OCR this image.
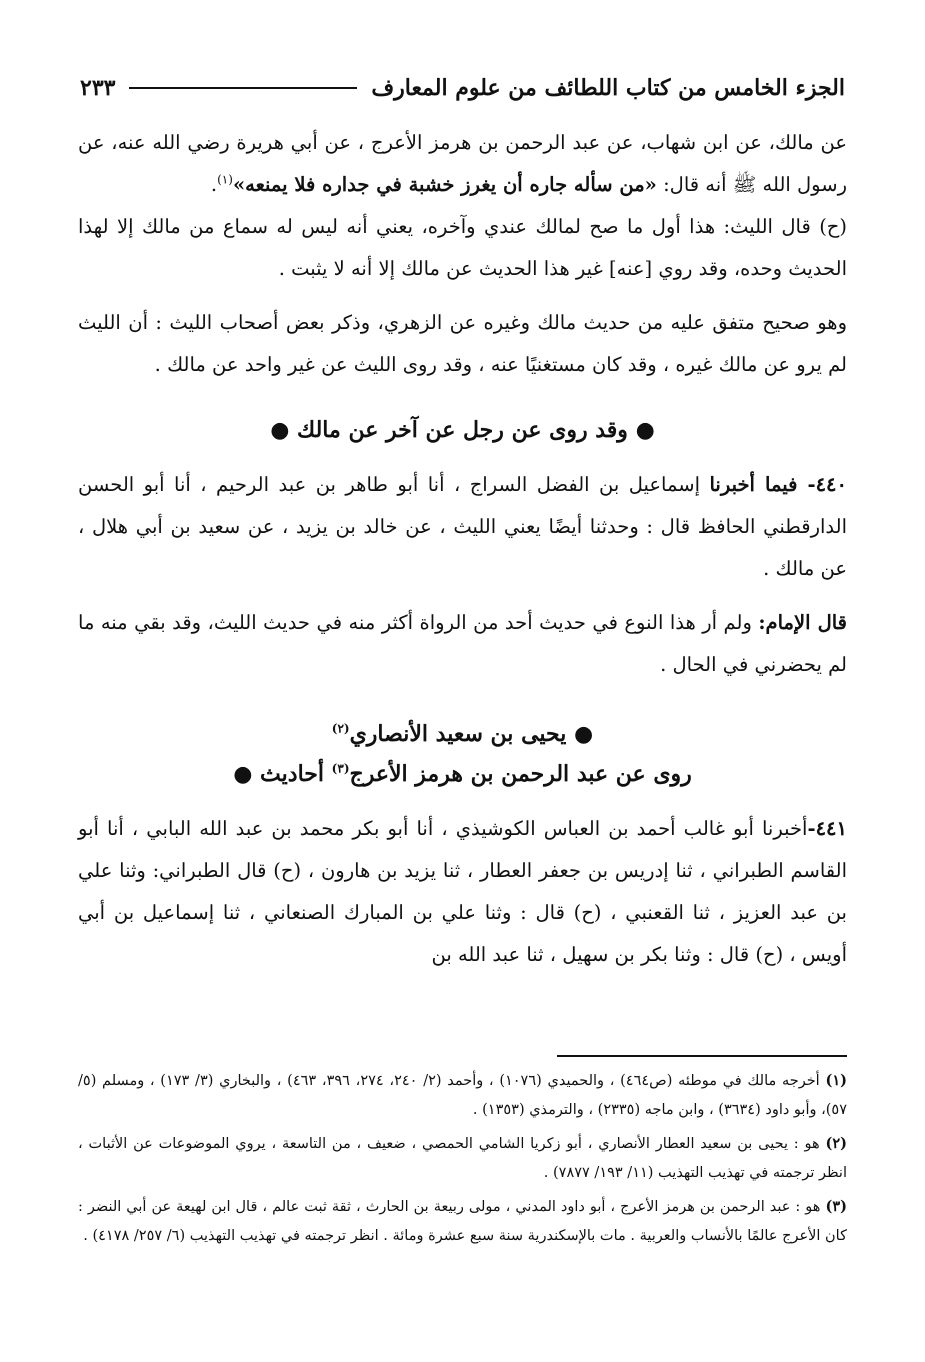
الجزء الخامس من كتاب اللطائف من علوم المعارف
٢٣٣

عن مالك، عن ابن شهاب، عن عبد الرحمن بن هرمز الأعرج ، عن أبي هريرة رضي الله عنه، عن رسول الله ﷺ أنه قال: «من سأله جاره أن يغرز خشبة في جداره فلا يمنعه»$^{(١)}$.

(ح) قال الليث: هذا أول ما صح لمالك عندي وآخره، يعني أنه ليس له سماع من مالك إلا لهذا الحديث وحده، وقد روي [عنه] غير هذا الحديث عن مالك إلا أنه لا يثبت .

وهو صحيح متفق عليه من حديث مالك وغيره عن الزهري، وذكر بعض أصحاب الليث : أن الليث لم يرو عن مالك غيره ، وقد كان مستغنيًا عنه ، وقد روى الليث عن غير واحد عن مالك .

● وقد روى عن رجل عن آخر عن مالك ●

٤٤٠- فيما أخبرنا إسماعيل بن الفضل السراج ، أنا أبو طاهر بن عبد الرحيم ، أنا أبو الحسن الدارقطني الحافظ قال : وحدثنا أيضًا يعني الليث ، عن خالد بن يزيد ، عن سعيد بن أبي هلال ، عن مالك .

قال الإمام: ولم أر هذا النوع في حديث أحد من الرواة أكثر منه في حديث الليث، وقد بقي منه ما لم يحضرني في الحال .

● يحيى بن سعيد الأنصاري$^{(٢)}$

روى عن عبد الرحمن بن هرمز الأعرج$^{(٣)}$ أحاديث ●

٤٤١-أخبرنا أبو غالب أحمد بن العباس الكوشيذي ، أنا أبو بكر محمد بن عبد الله البابي ، أنا أبو القاسم الطبراني ، ثنا إدريس بن جعفر العطار ، ثنا يزيد بن هارون ، (ح) قال الطبراني: وثنا علي بن عبد العزيز ، ثنا القعنبي ، (ح) قال : وثنا علي بن المبارك الصنعاني ، ثنا إسماعيل بن أبي أويس ، (ح) قال : وثنا بكر بن سهيل ، ثنا عبد الله بن

(١) أخرجه مالك في موطئه (ص٤٦٤) ، والحميدي (١٠٧٦) ، وأحمد (٢/ ٢٤٠، ٢٧٤، ٣٩٦، ٤٦٣) ، والبخاري (٣/ ١٧٣) ، ومسلم (٥/ ٥٧)، وأبو داود (٣٦٣٤) ، وابن ماجه (٢٣٣٥) ، والترمذي (١٣٥٣) .

(٢) هو : يحيى بن سعيد العطار الأنصاري ، أبو زكريا الشامي الحمصي ، ضعيف ، من التاسعة ، يروي الموضوعات عن الأثبات ، انظر ترجمته في تهذيب التهذيب (١١/ ١٩٣/ ٧٨٧٧) .

(٣) هو : عبد الرحمن بن هرمز الأعرج ، أبو داود المدني ، مولى ربيعة بن الحارث ، ثقة ثبت عالم ، قال ابن لهيعة عن أبي النضر : كان الأعرج عالمًا بالأنساب والعربية . مات بالإسكندرية سنة سبع عشرة ومائة . انظر ترجمته في تهذيب التهذيب (٦/ ٢٥٧/ ٤١٧٨) .
